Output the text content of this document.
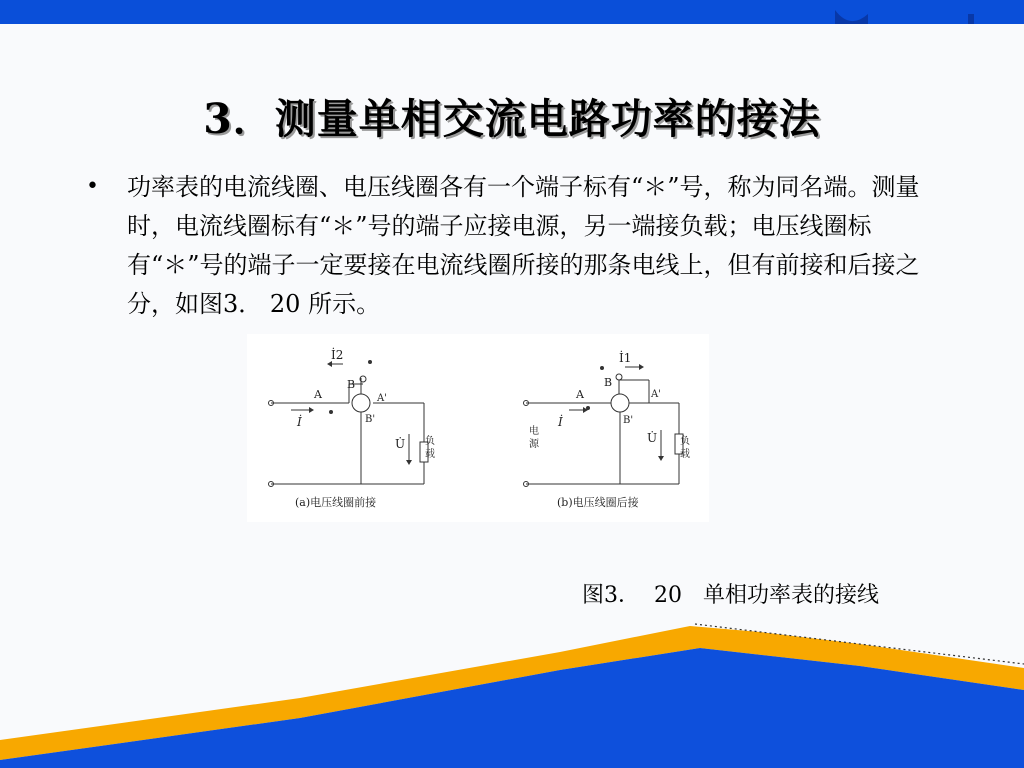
3．测量单相交流电路功率的接法
• 功率表的电流线圈、电压线圈各有一个端子标有“＊”号，称为同名端。测量时，电流线圈标有“＊”号的端子应接电源，另一端接负载；电压线圈标有“＊”号的端子一定要接在电流线圈所接的那条电线上，但有前接和后接之分，如图3． 20 所示。
İ2
İ
U̇
A
B
A'
B'
负
载
(a)电压线圈前接
İ1
İ
U̇
A
B
A'
B'
电
源	负
载
(b)电压线圈后接
图3．  20   单相功率表的接线
